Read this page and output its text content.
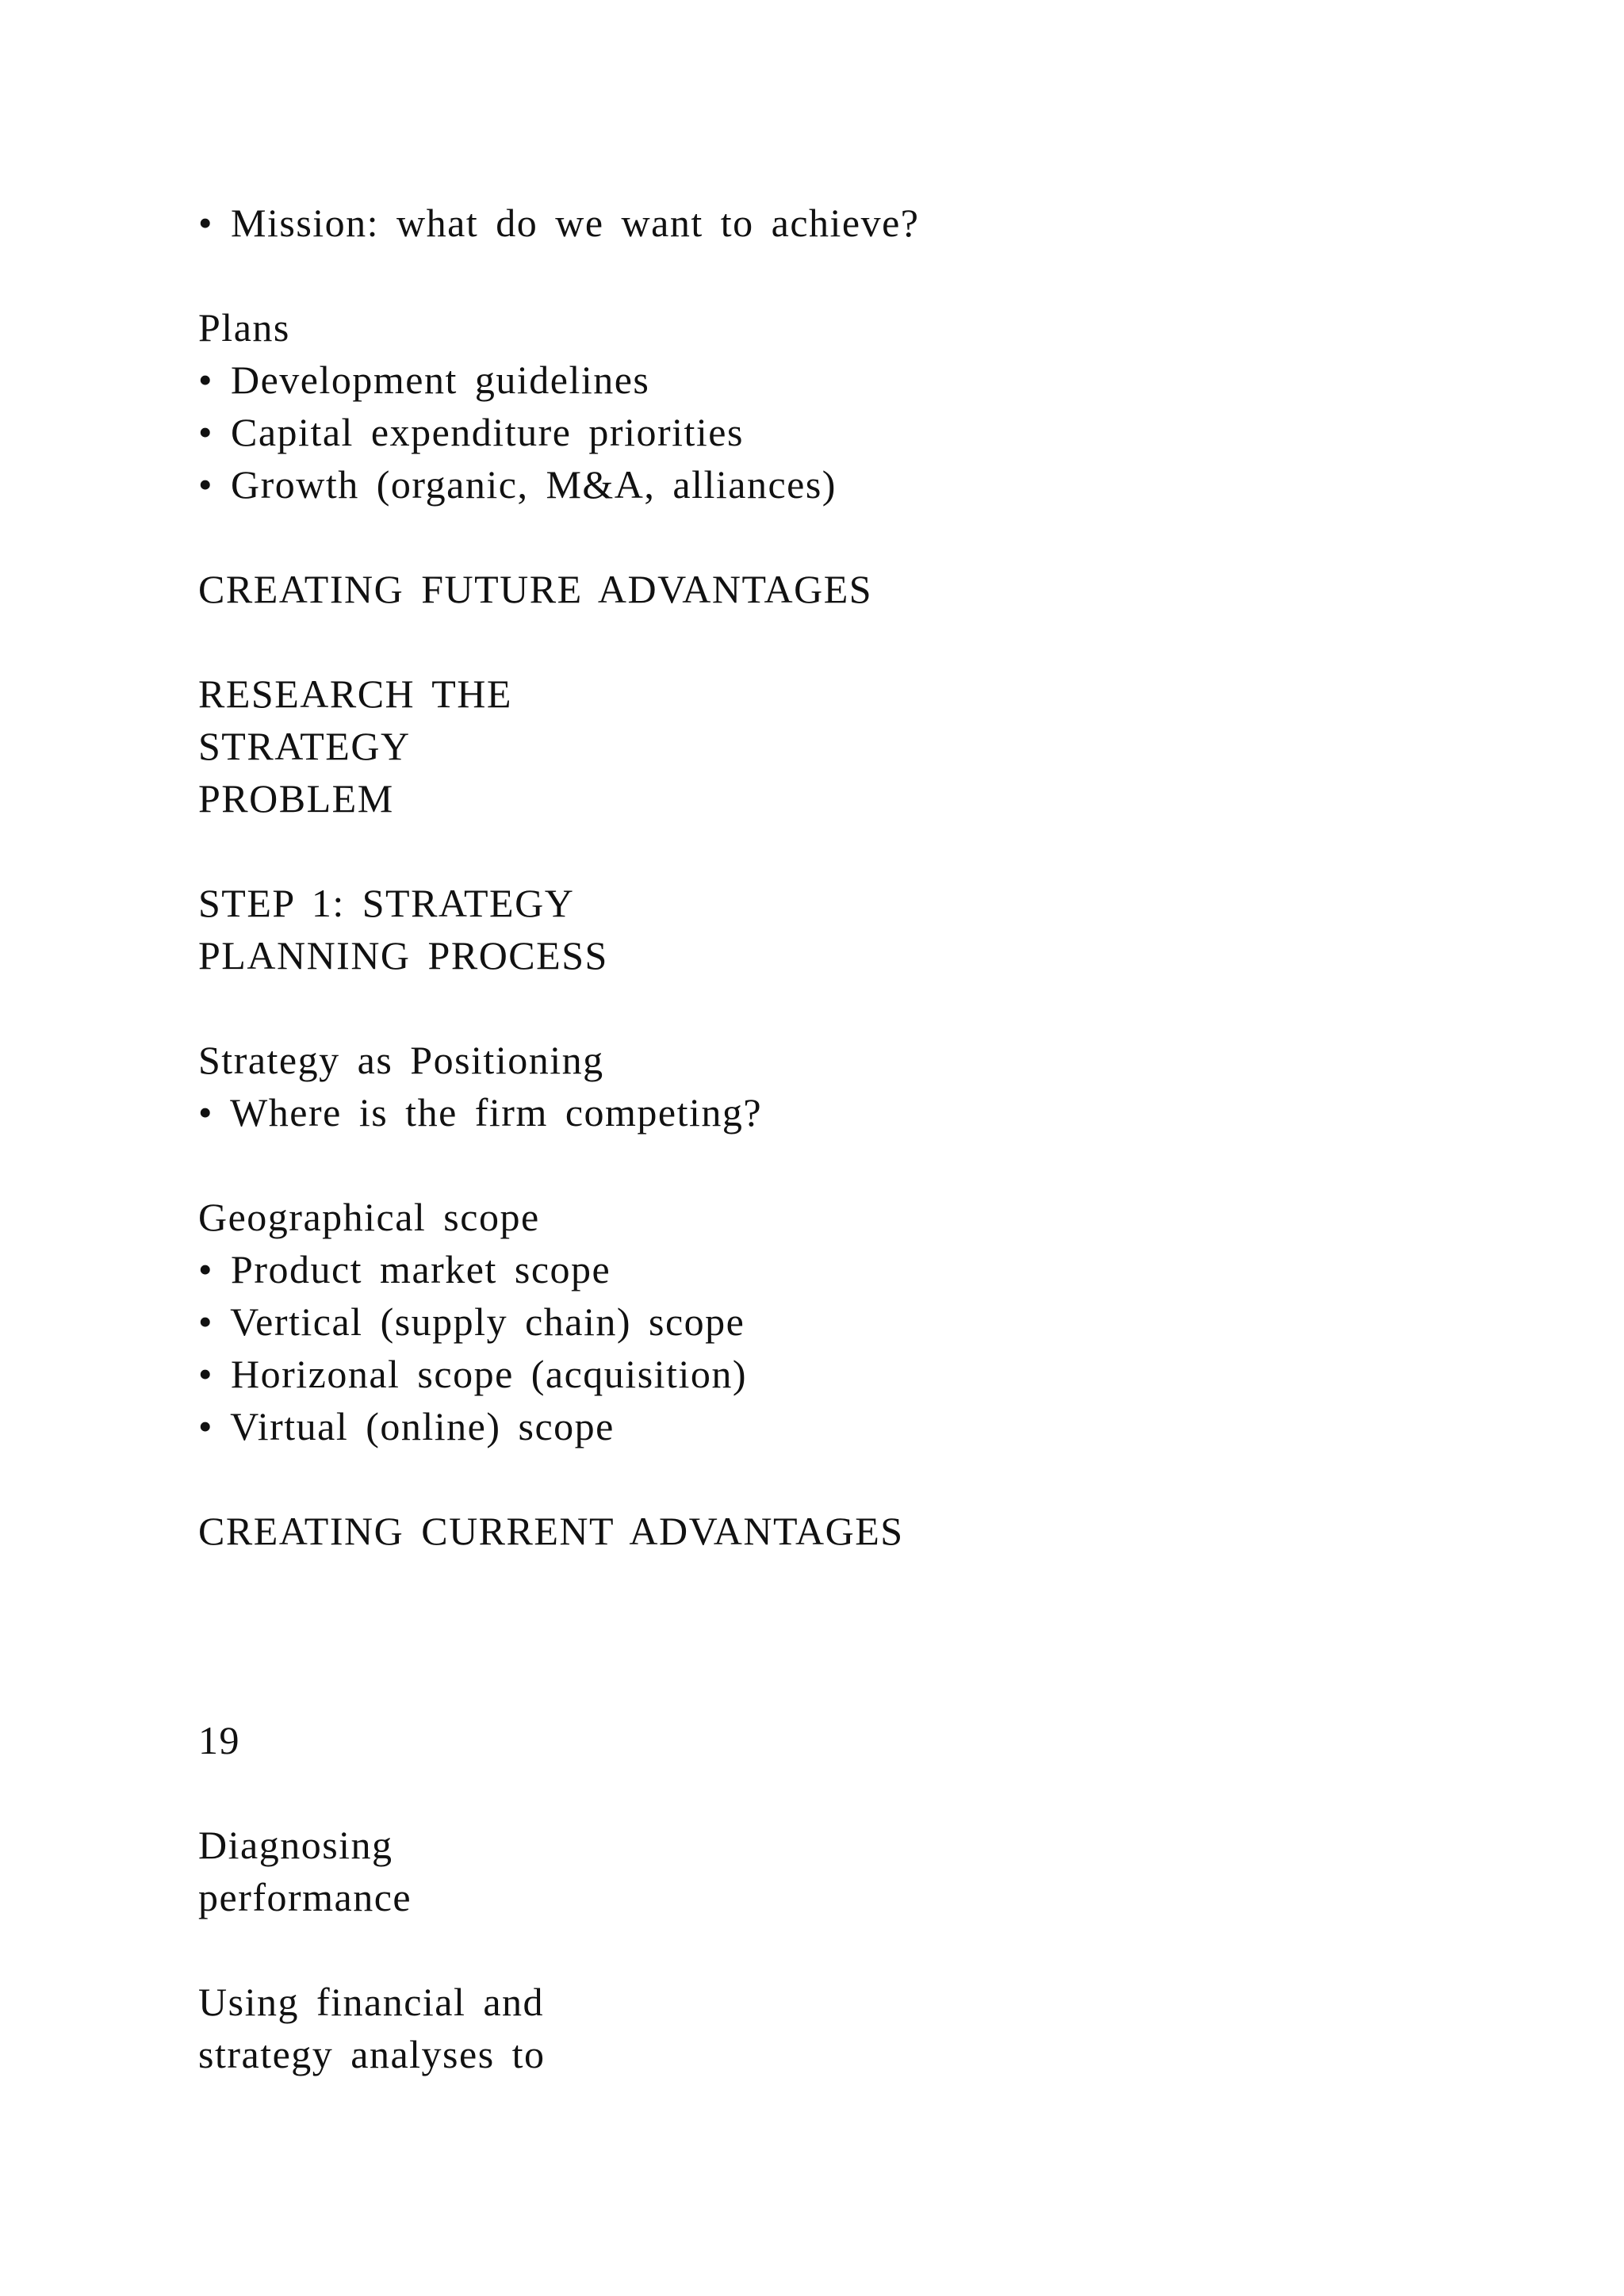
• Mission: what do we want to achieve?

Plans

• Development guidelines

• Capital expenditure priorities

• Growth (organic, M&A, alliances)

CREATING FUTURE ADVANTAGES

RESEARCH THE

STRATEGY

PROBLEM

STEP 1: STRATEGY

PLANNING PROCESS

Strategy as Positioning

• Where is the firm competing?

Geographical scope

• Product market scope

• Vertical (supply chain) scope

• Horizonal scope (acquisition)

• Virtual (online) scope

CREATING CURRENT ADVANTAGES

19

Diagnosing

performance

Using financial and

strategy analyses to
